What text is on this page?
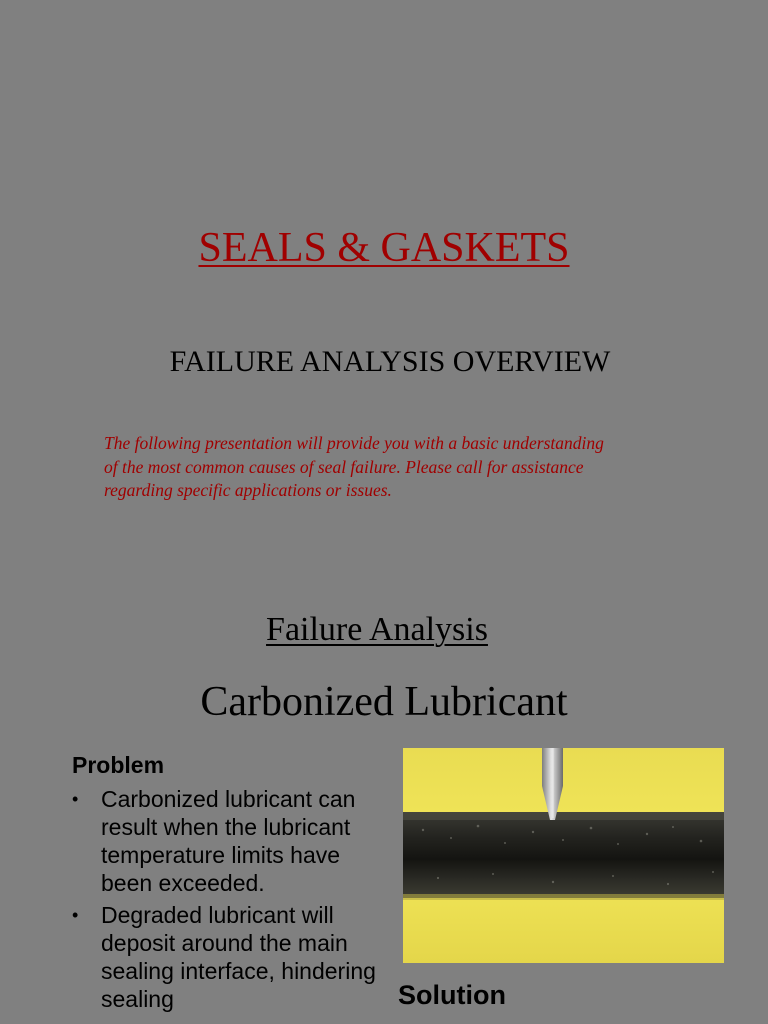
SEALS & GASKETS
FAILURE ANALYSIS OVERVIEW
The following presentation will provide you with a basic understanding
of the most common causes of seal failure. Please call for assistance
regarding specific applications or issues.
Failure Analysis
Carbonized Lubricant
Problem
• Carbonized lubricant can result when the lubricant temperature limits have been exceeded.
• Degraded lubricant will deposit around the main sealing interface, hindering sealing	Solution
